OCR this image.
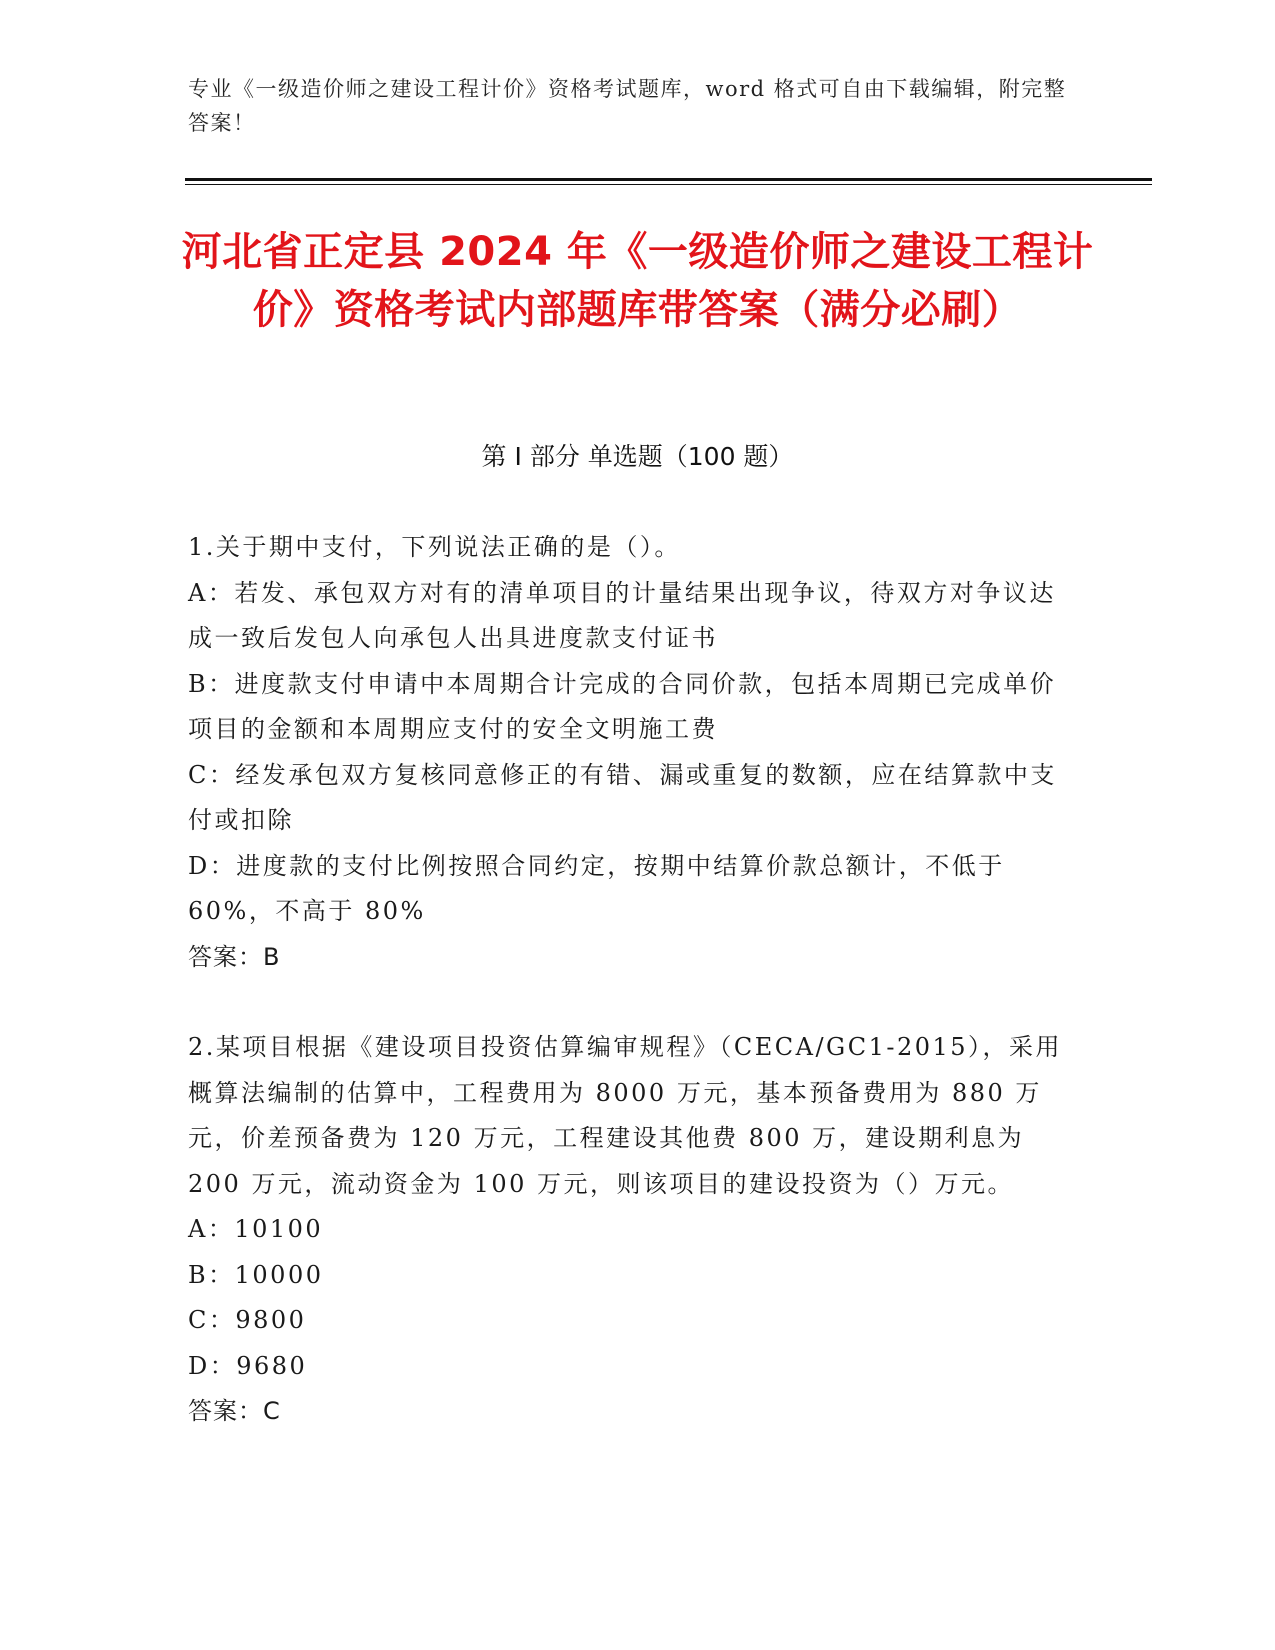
专业《一级造价师之建设工程计价》资格考试题库，word 格式可自由下载编辑，附完整答案！
河北省正定县 2024 年《一级造价师之建设工程计价》资格考试内部题库带答案（满分必刷）
第 I 部分 单选题（100 题）

1.关于期中支付，下列说法正确的是（）。

A：若发、承包双方对有的清单项目的计量结果出现争议，待双方对争议达成一致后发包人向承包人出具进度款支付证书

B：进度款支付申请中本周期合计完成的合同价款，包括本周期已完成单价项目的金额和本周期应支付的安全文明施工费

C：经发承包双方复核同意修正的有错、漏或重复的数额，应在结算款中支付或扣除

D：进度款的支付比例按照合同约定，按期中结算价款总额计，不低于 60%，不高于 80%

答案：B

2.某项目根据《建设项目投资估算编审规程》（CECA/GC1-2015），采用概算法编制的估算中，工程费用为 8000 万元，基本预备费用为 880 万元，价差预备费为 120 万元，工程建设其他费 800 万，建设期利息为 200 万元，流动资金为 100 万元，则该项目的建设投资为（）万元。

A：10100

B：10000

C：9800

D：9680

答案：C
